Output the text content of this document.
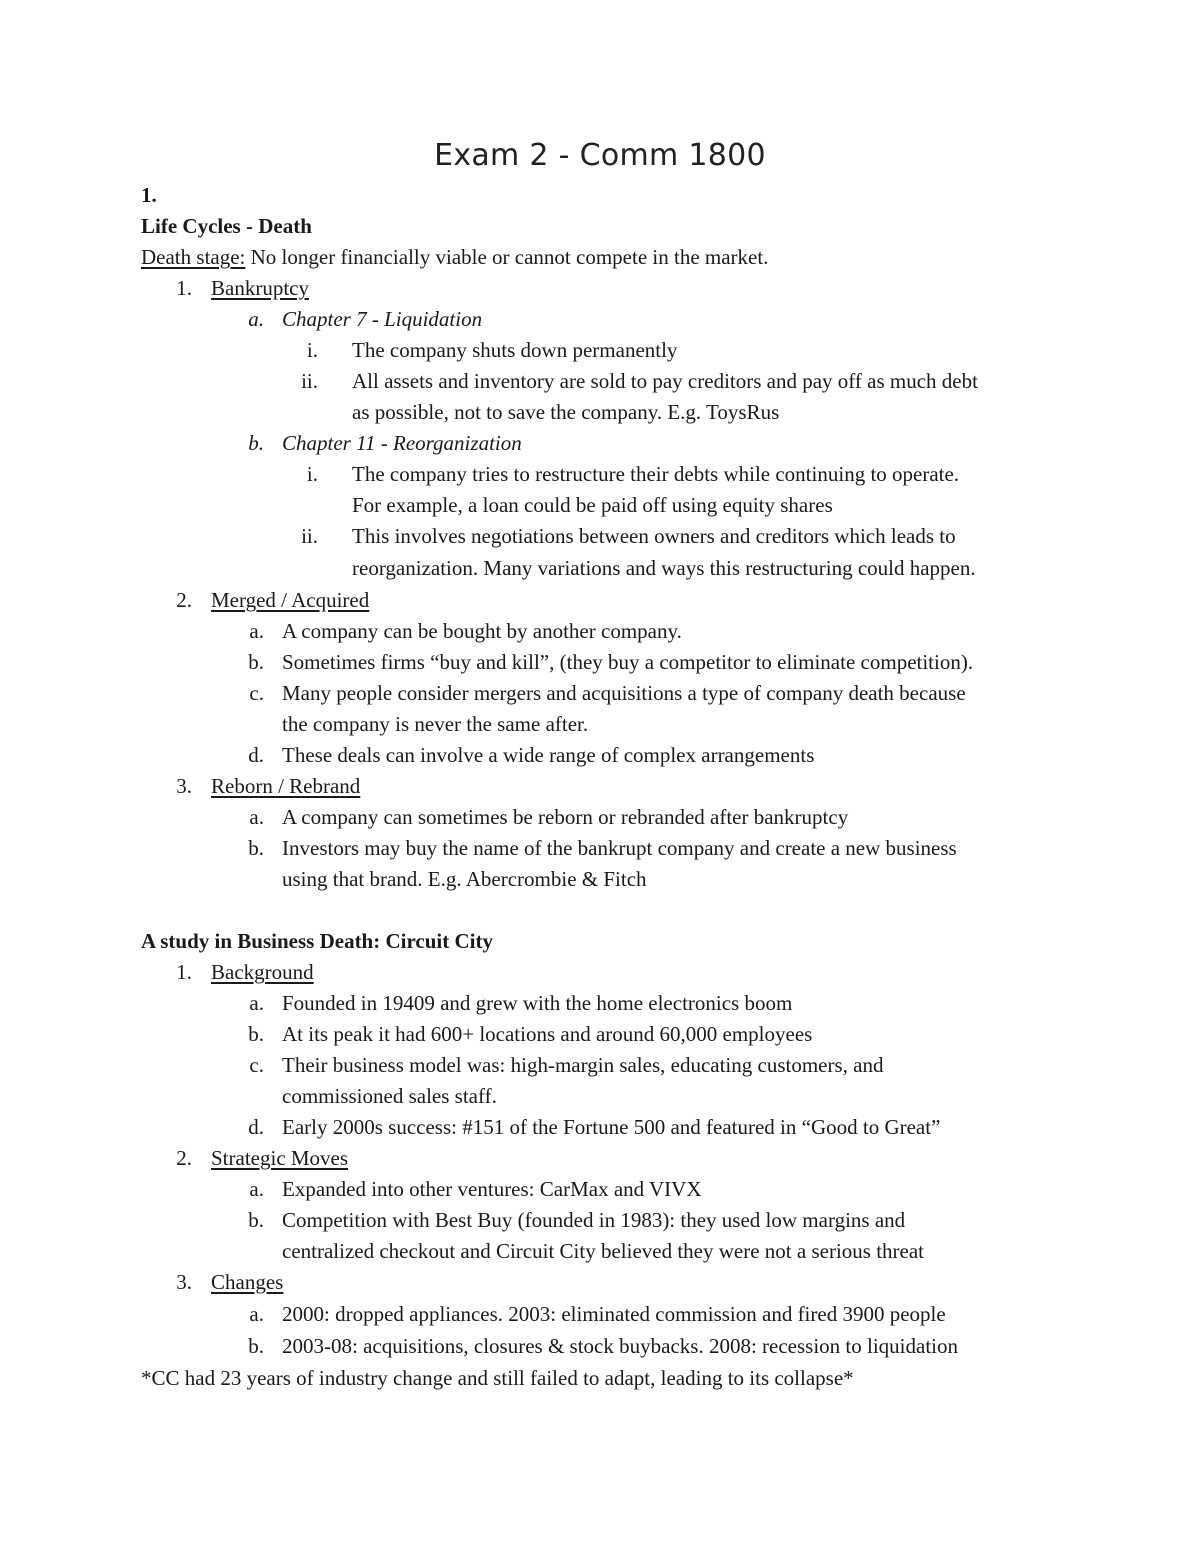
Exam 2 - Comm 1800
1.
Life Cycles - Death
Death stage: No longer financially viable or cannot compete in the market.
1. Bankruptcy
a. Chapter 7 - Liquidation
i. The company shuts down permanently
ii. All assets and inventory are sold to pay creditors and pay off as much debt
as possible, not to save the company. E.g. ToysRus
b. Chapter 11 - Reorganization
i. The company tries to restructure their debts while continuing to operate.
For example, a loan could be paid off using equity shares
ii. This involves negotiations between owners and creditors which leads to
reorganization. Many variations and ways this restructuring could happen.
2. Merged / Acquired
a. A company can be bought by another company.
b. Sometimes firms “buy and kill”, (they buy a competitor to eliminate competition).
c. Many people consider mergers and acquisitions a type of company death because
the company is never the same after.
d. These deals can involve a wide range of complex arrangements
3. Reborn / Rebrand
a. A company can sometimes be reborn or rebranded after bankruptcy
b. Investors may buy the name of the bankrupt company and create a new business
using that brand. E.g. Abercrombie & Fitch
A study in Business Death: Circuit City
1. Background
a. Founded in 19409 and grew with the home electronics boom
b. At its peak it had 600+ locations and around 60,000 employees
c. Their business model was: high-margin sales, educating customers, and
commissioned sales staff.
d. Early 2000s success: #151 of the Fortune 500 and featured in “Good to Great”
2. Strategic Moves
a. Expanded into other ventures: CarMax and VIVX
b. Competition with Best Buy (founded in 1983): they used low margins and
centralized checkout and Circuit City believed they were not a serious threat
3. Changes
a. 2000: dropped appliances. 2003: eliminated commission and fired 3900 people
b. 2003-08: acquisitions, closures & stock buybacks. 2008: recession to liquidation
*CC had 23 years of industry change and still failed to adapt, leading to its collapse*
